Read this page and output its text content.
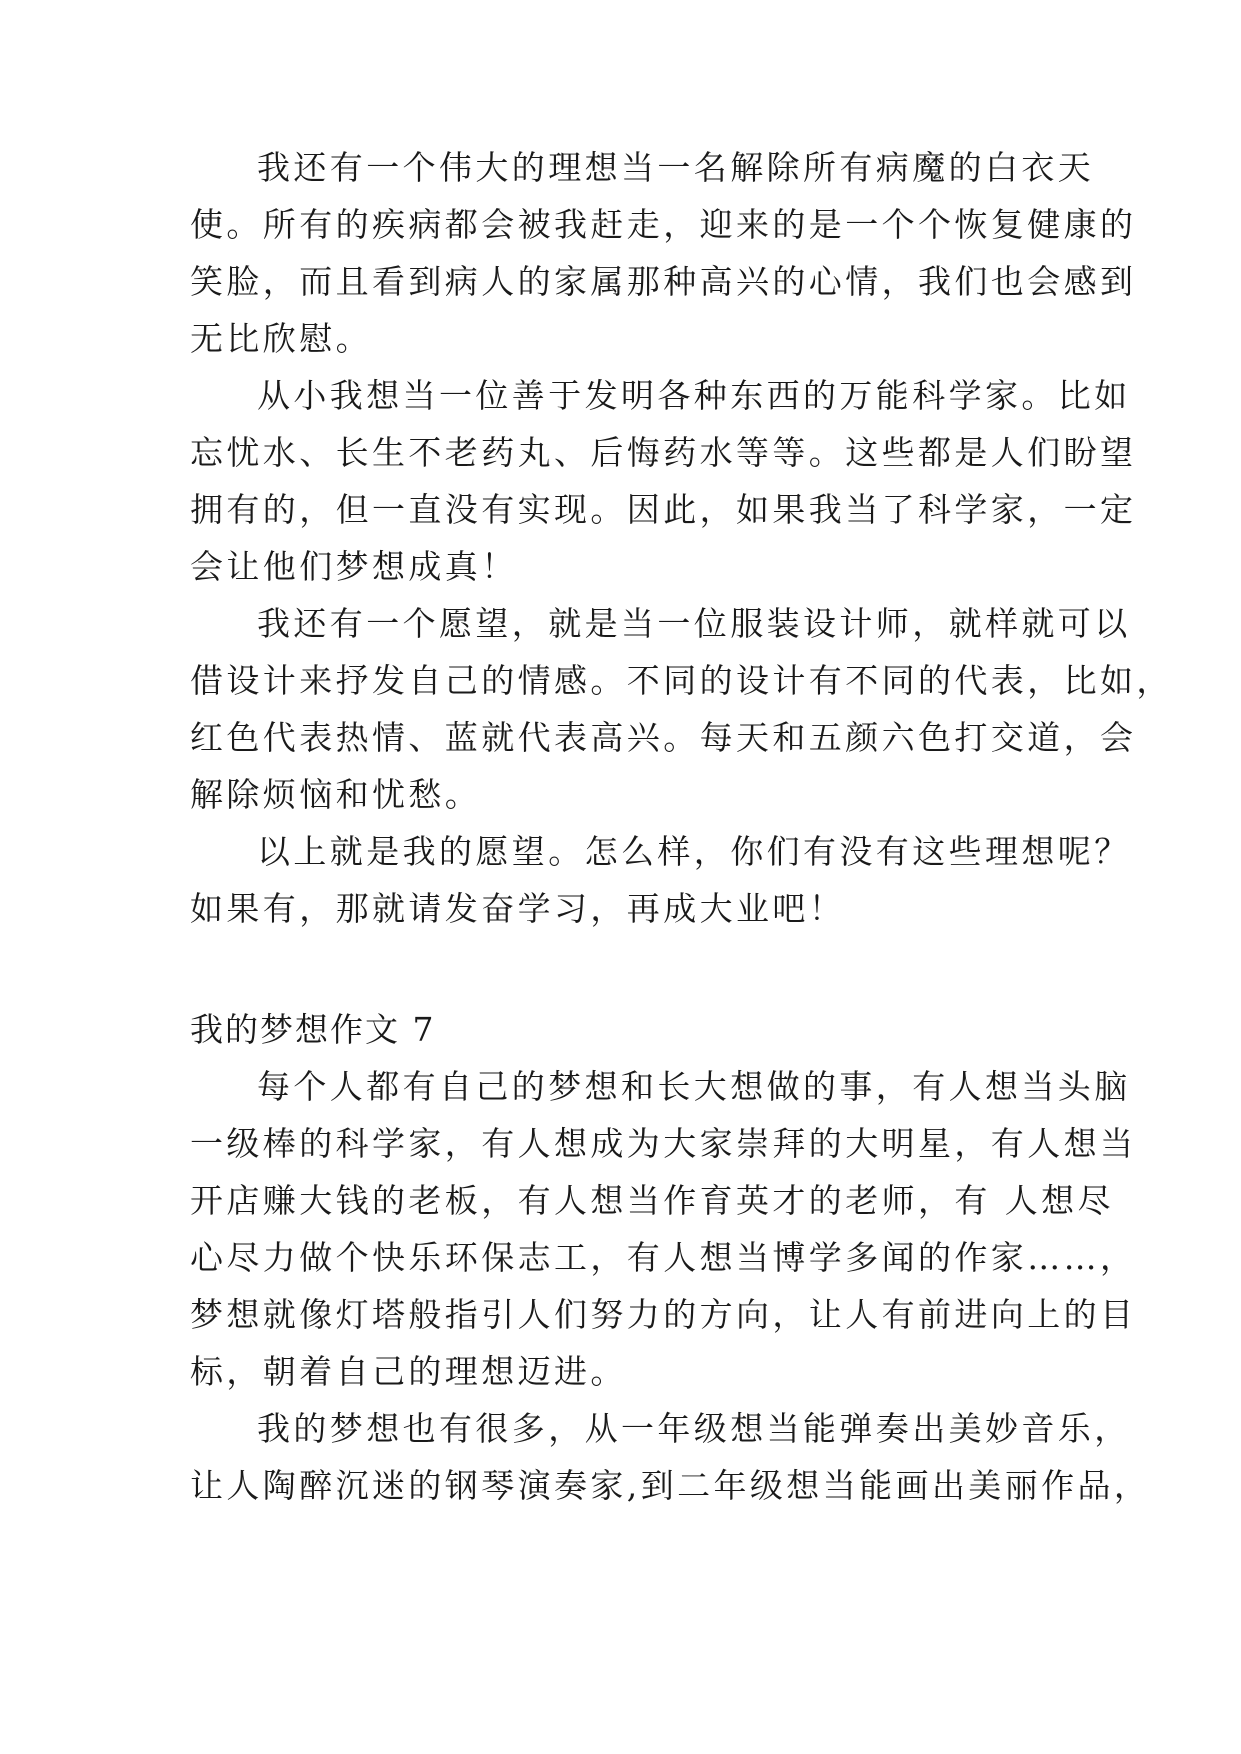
我还有一个伟大的理想当一名解除所有病魔的白衣天
使。所有的疾病都会被我赶走，迎来的是一个个恢复健康的
笑脸，而且看到病人的家属那种高兴的心情，我们也会感到
无比欣慰。
从小我想当一位善于发明各种东西的万能科学家。比如
忘忧水、长生不老药丸、后悔药水等等。这些都是人们盼望
拥有的，但一直没有实现。因此，如果我当了科学家，一定
会让他们梦想成真！
我还有一个愿望，就是当一位服装设计师，就样就可以
借设计来抒发自己的情感。不同的设计有不同的代表，比如，
红色代表热情、蓝就代表高兴。每天和五颜六色打交道，会
解除烦恼和忧愁。
以上就是我的愿望。怎么样，你们有没有这些理想呢？
如果有，那就请发奋学习，再成大业吧！
我的梦想作文 7
每个人都有自己的梦想和长大想做的事，有人想当头脑
一级棒的科学家，有人想成为大家崇拜的大明星，有人想当
开店赚大钱的老板，有人想当作育英才的老师，有 人想尽
心尽力做个快乐环保志工，有人想当博学多闻的作家……，
梦想就像灯塔般指引人们努力的方向，让人有前进向上的目
标，朝着自己的理想迈进。
我的梦想也有很多，从一年级想当能弹奏出美妙音乐，
让人陶醉沉迷的钢琴演奏家,到二年级想当能画出美丽作品，
